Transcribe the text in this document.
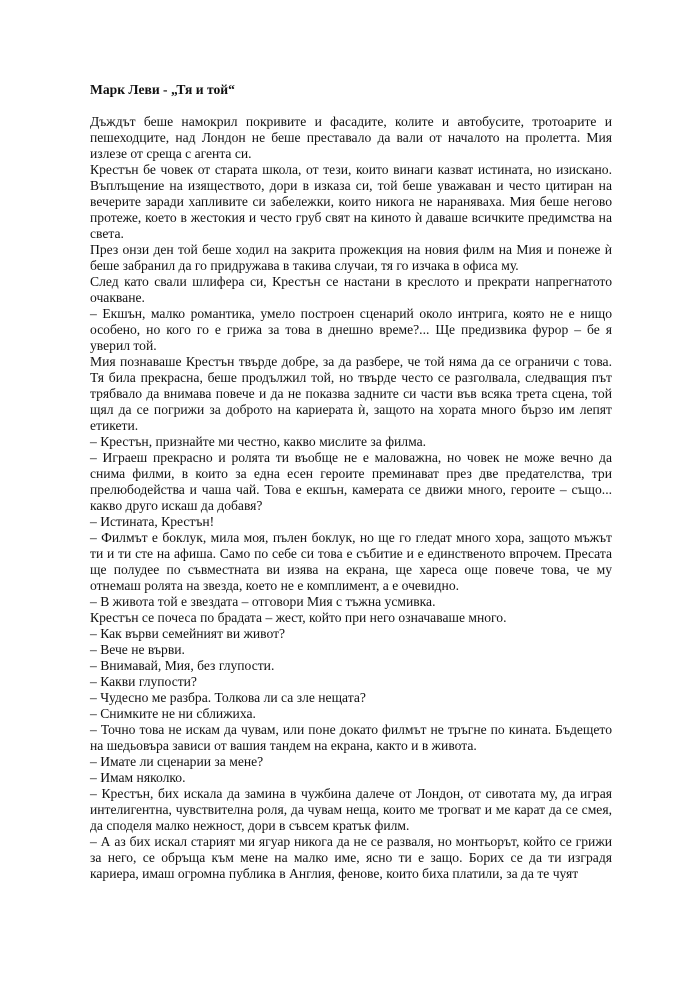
Марк Леви - „Тя и той“

Дъждът беше намокрил покривите и фасадите, колите и автобусите, тротоарите и пешеходците, над Лондон не беше преставало да вали от началото на пролетта. Мия излезе от среща с агента си.

Крестън бе човек от старата школа, от тези, които винаги казват истината, но изискано. Въплъщение на изяществото, дори в изказа си, той беше уважаван и често цитиран на вечерите заради хапливите си забележки, които никога не наранявaха. Мия беше негово протеже, което в жестокия и често груб свят на киното ѝ даваше всичките предимства на света.

През онзи ден той беше ходил на закрита прожекция на новия филм на Мия и понеже ѝ беше забранил да го придружава в такива случаи, тя го изчака в офиса му.

След като свали шлифера си, Крестън се настани в креслото и прекрати напрегнатото очакване.

– Екшън, малко романтика, умело построен сценарий около интрига, която не е нищо особено, но кого го е грижа за това в днешно време?... Ще предизвика фурор – бе я уверил той.

Мия познаваше Крестън твърде добре, за да разбере, че той няма да се ограничи с това. Тя била прекрасна, беше продължил той, но твърде често се разголвала, следващия път трябвало да внимава повече и да не показва задните си части във всяка трета сцена, той щял да се погрижи за доброто на кариерата ѝ, защото на хората много бързо им лепят етикети.

– Крестън, признайте ми честно, какво мислите за филма.

– Играеш прекрасно и ролята ти въобще не е маловажна, но човек не може вечно да снима филми, в които за една есен героите преминават през две предателства, три прелюбодейства и чаша чай. Това е екшън, камерата се движи много, героите – също... какво друго искаш да добавя?

– Истината, Крестън!

– Филмът е боклук, мила моя, пълен боклук, но ще го гледат много хора, защото мъжът ти и ти сте на афиша. Само по себе си това е събитие и е единственото впрочем. Пресата ще полудее по съвместната ви изява на екрана, ще харесa още повече това, че му отнемаш ролята на звезда, което не е комплимент, а е очевидно.

– В живота той е звездата – отговори Мия с тъжна усмивка.

Крестън се почеса по брадата – жест, който при него означаваше много.

– Как върви семейният ви живот?

– Вече не върви.

– Внимавай, Мия, без глупости.

– Какви глупости?

– Чудесно ме разбра. Толкова ли са зле нещата?

– Снимките не ни сближиха.

– Точно това не искам да чувам, или поне докато филмът не тръгне по кината. Бъдещето на шедьовъра зависи от вашия тандем на екрана, както и в живота.

– Имате ли сценарии за мене?

– Имам няколко.

– Крестън, бих искала да замина в чужбина далече от Лондон, от сивотата му, да играя интелигентна, чувствителна роля, да чувам неща, които ме трогват и ме карат да се смея, да споделя малко нежност, дори в съвсем кратък филм.

– А аз бих искал старият ми ягуар никога да не се разваля, но монтьорът, който се грижи за него, се обръща към мене на малко име, ясно ти е защо. Борих се да ти изградя кариера, имаш огромна публика в Англия, фенове, които биха платили, за да те чуят
